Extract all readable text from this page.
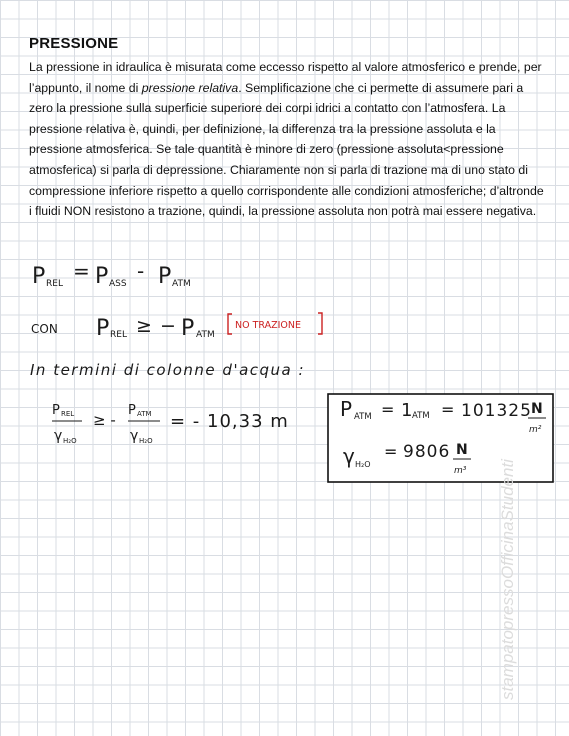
PRESSIONE
La pressione in idraulica è misurata come eccesso rispetto al valore atmosferico e prende, per l’appunto, il nome di pressione relativa. Semplificazione che ci permette di assumere pari a zero la pressione sulla superficie superiore dei corpi idrici a contatto con l’atmosfera. La pressione relativa è, quindi, per definizione, la differenza tra la pressione assoluta e la pressione atmosferica. Se tale quantità è minore di zero (pressione assoluta<pressione atmosferica) si parla di depressione. Chiaramente non si parla di trazione ma di uno stato di compressione inferiore rispetto a quello corrispondente alle condizioni atmosferiche; d’altronde i fluidi NON resistono a trazione, quindi, la pressione assoluta non potrà mai essere negativa.
P REL
= P ASS
- P ATM
CON P REL ≥ − P ATM
NO TRAZIONE
In termini di colonne d'acqua :
P REL
γ H₂O
≥ -
P ATM
γ H₂O
= - 10,33 m
P ATM = 1 ATM = 101325 N
m²
γ H₂O
= 9806 N
m³ stampatopressoOfficinaStudenti
